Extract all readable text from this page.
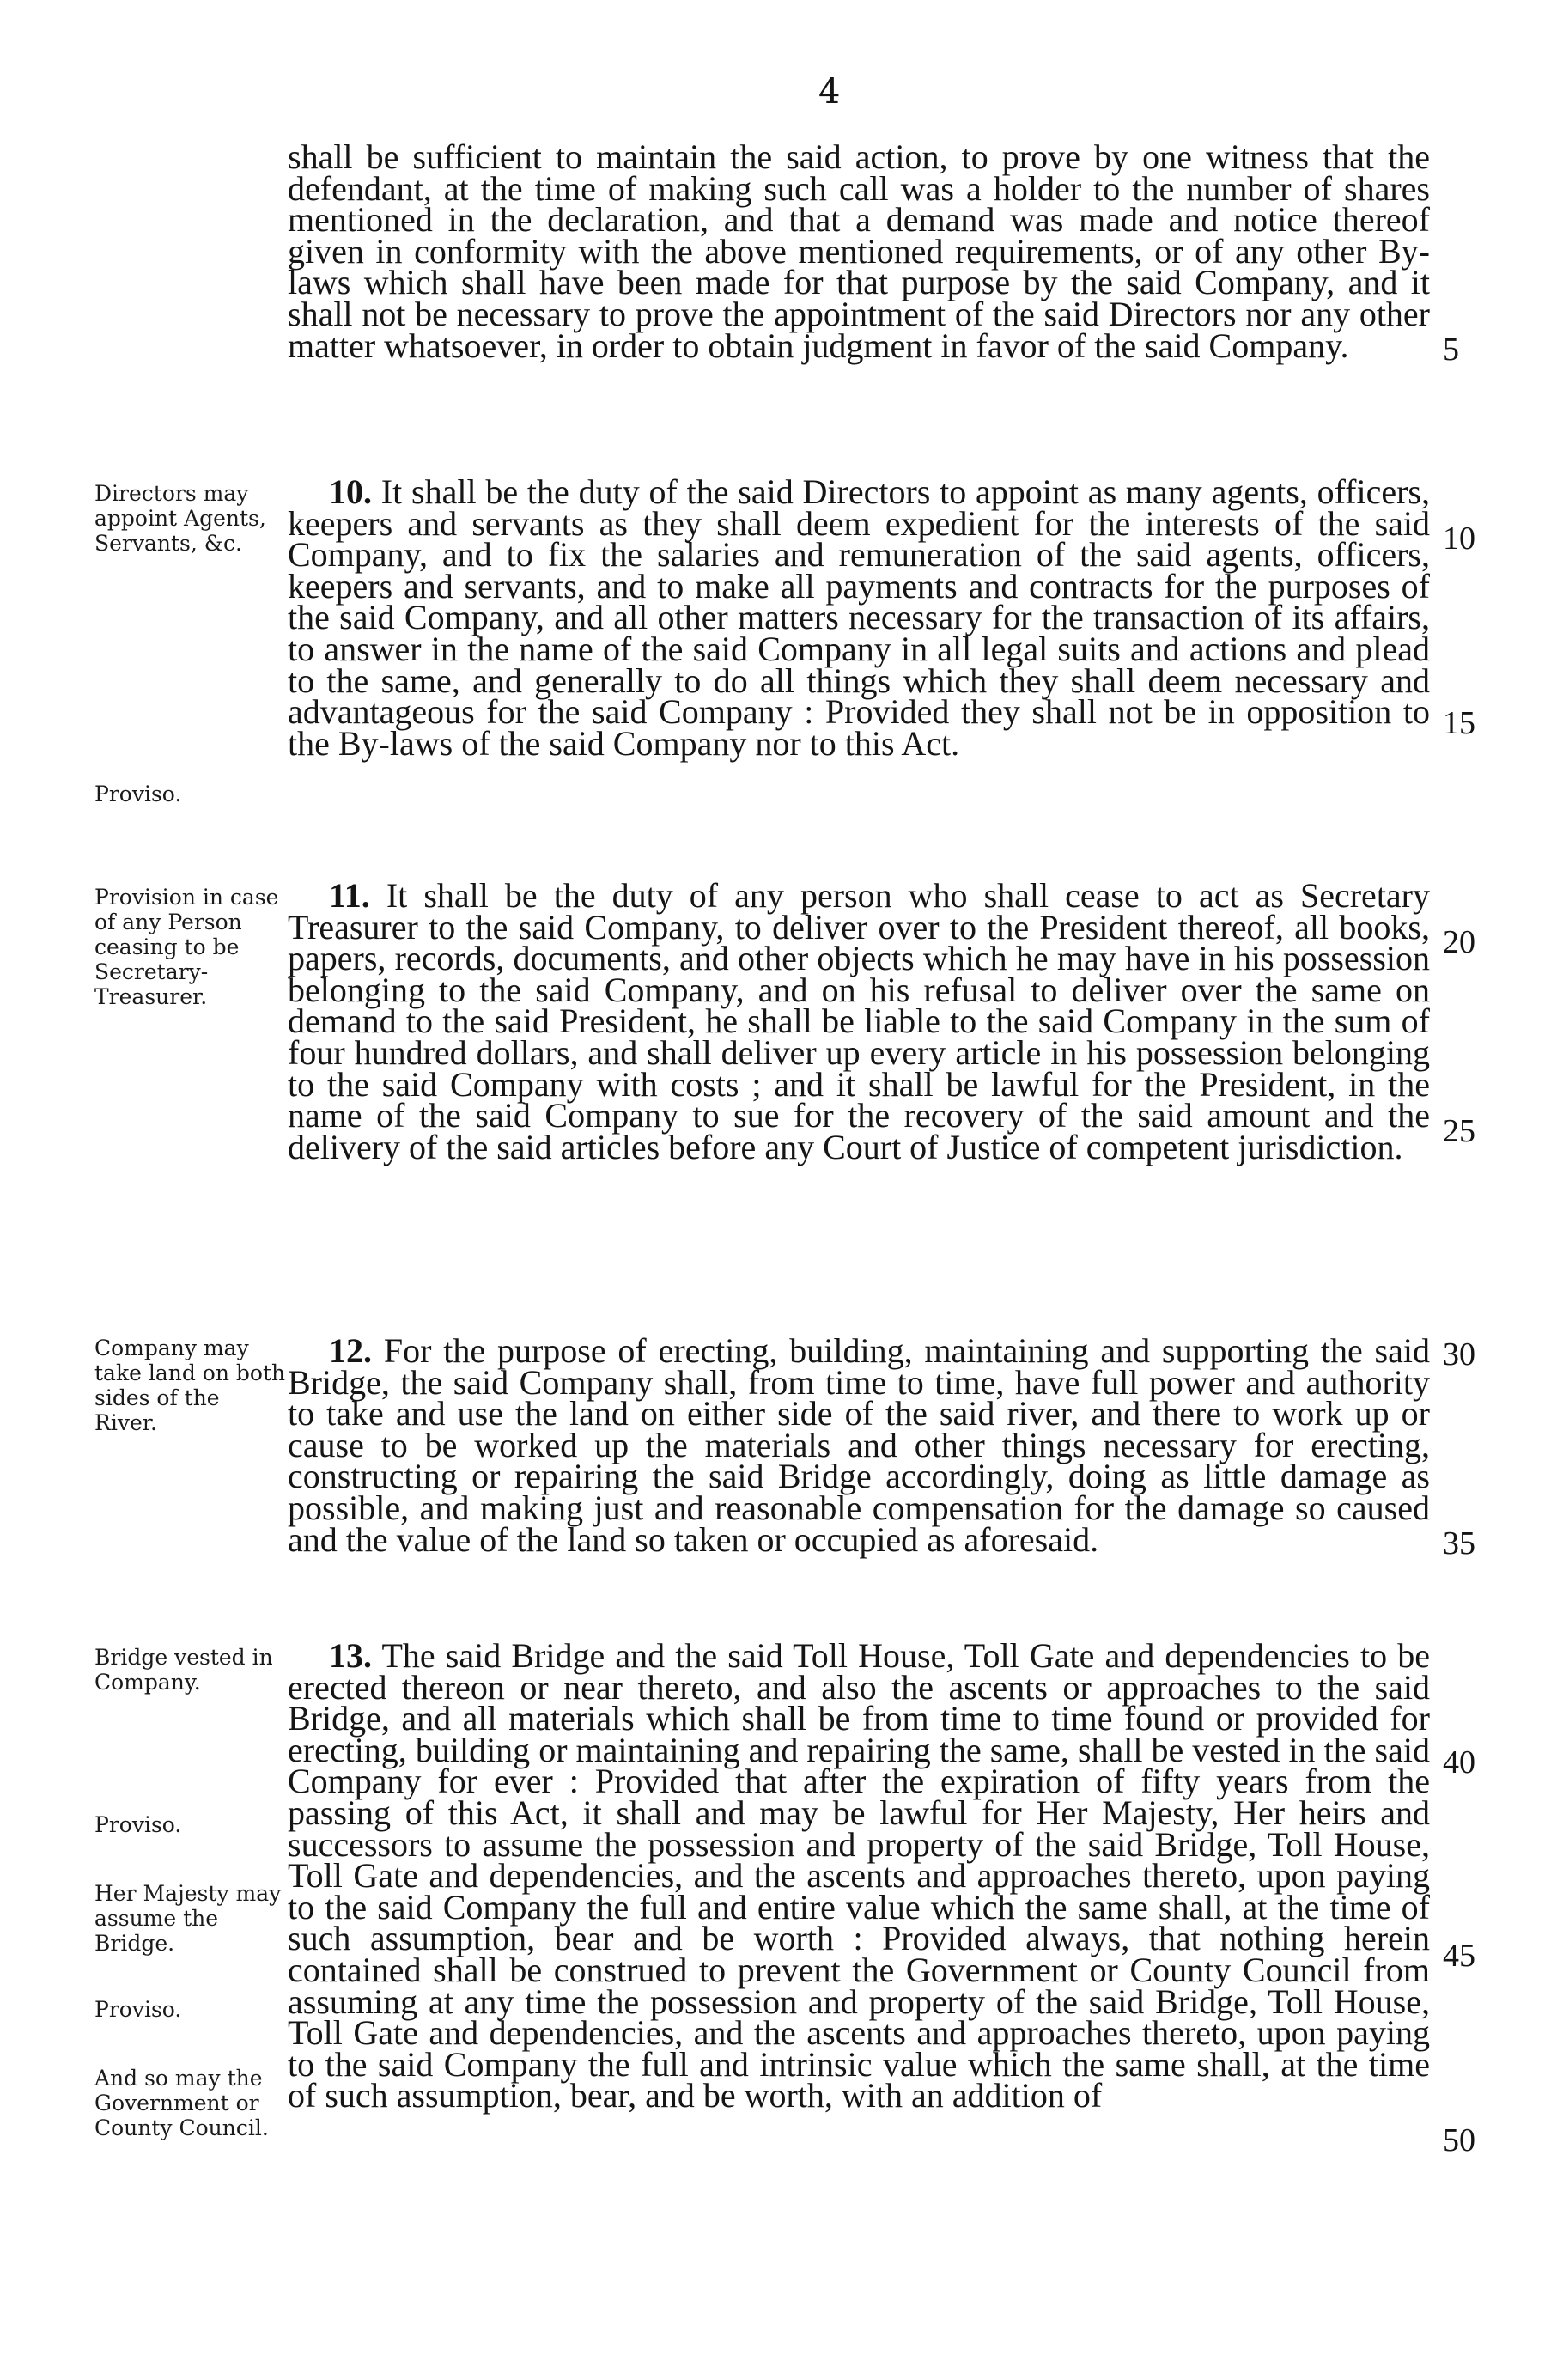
4

Directors may appoint Agents, Servants, &c.

Proviso.

Provision in case of any Person ceasing to be Secretary-Treasurer.

Company may take land on both sides of the River.

Bridge vested in Company.

Proviso.

Her Majesty may assume the Bridge.

Proviso.

And so may the Government or County Council.

shall be sufficient to maintain the said action, to prove by one witness that the defendant, at the time of making such call was a holder to the number of shares mentioned in the declaration, and that a demand was made and notice thereof given in conformity with the above mentioned requirements, or of any other By-laws which shall have been made for that purpose by the said Company, and it shall not be necessary to prove the appointment of the said Directors nor any other matter whatsoever, in order to obtain judgment in favor of the said Company.
10. It shall be the duty of the said Directors to appoint as many agents, officers, keepers and servants as they shall deem expedient for the interests of the said Company, and to fix the salaries and remuneration of the said agents, officers, keepers and servants, and to make all payments and contracts for the purposes of the said Company, and all other matters necessary for the transaction of its affairs, to answer in the name of the said Company in all legal suits and actions and plead to the same, and generally to do all things which they shall deem necessary and advantageous for the said Company : Provided they shall not be in opposition to the By-laws of the said Company nor to this Act.
11. It shall be the duty of any person who shall cease to act as Secretary Treasurer to the said Company, to deliver over to the President thereof, all books, papers, records, documents, and other objects which he may have in his possession belonging to the said Company, and on his refusal to deliver over the same on demand to the said President, he shall be liable to the said Company in the sum of four hundred dollars, and shall deliver up every article in his possession belonging to the said Company with costs ; and it shall be lawful for the President, in the name of the said Company to sue for the recovery of the said amount and the delivery of the said articles before any Court of Justice of competent jurisdiction.
12. For the purpose of erecting, building, maintaining and supporting the said Bridge, the said Company shall, from time to time, have full power and authority to take and use the land on either side of the said river, and there to work up or cause to be worked up the materials and other things necessary for erecting, constructing or repairing the said Bridge accordingly, doing as little damage as possible, and making just and reasonable compensation for the damage so caused and the value of the land so taken or occupied as aforesaid.
13. The said Bridge and the said Toll House, Toll Gate and dependencies to be erected thereon or near thereto, and also the ascents or approaches to the said Bridge, and all materials which shall be from time to time found or provided for erecting, building or maintaining and repairing the same, shall be vested in the said Company for ever : Provided that after the expiration of fifty years from the passing of this Act, it shall and may be lawful for Her Majesty, Her heirs and successors to assume the possession and property of the said Bridge, Toll House, Toll Gate and dependencies, and the ascents and approaches thereto, upon paying to the said Company the full and entire value which the same shall, at the time of such assumption, bear and be worth : Provided always, that nothing herein contained shall be construed to prevent the Government or County Council from assuming at any time the possession and property of the said Bridge, Toll House, Toll Gate and dependencies, and the ascents and approaches thereto, upon paying to the said Company the full and intrinsic value which the same shall, at the time of such assumption, bear, and be worth, with an addition of
5
10
15
20
25
30
35
40
45
50
